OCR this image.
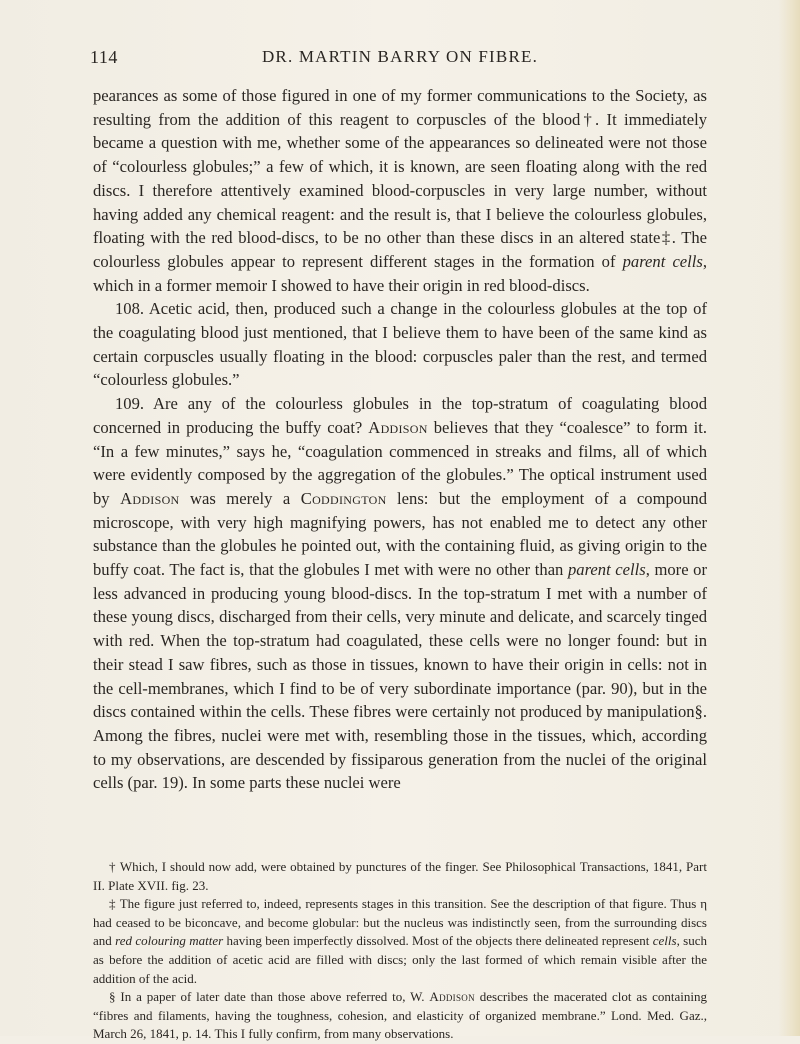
114	DR. MARTIN BARRY ON FIBRE.

pearances as some of those figured in one of my former communications to the Society, as resulting from the addition of this reagent to corpuscles of the blood†. It immediately became a question with me, whether some of the appearances so delineated were not those of “colourless globules;” a few of which, it is known, are seen floating along with the red discs. I therefore attentively examined blood-corpuscles in very large number, without having added any chemical reagent: and the result is, that I believe the colourless globules, floating with the red blood-discs, to be no other than these discs in an altered state‡. The colourless globules appear to represent different stages in the formation of parent cells, which in a former memoir I showed to have their origin in red blood-discs.

108. Acetic acid, then, produced such a change in the colourless globules at the top of the coagulating blood just mentioned, that I believe them to have been of the same kind as certain corpuscles usually floating in the blood: corpuscles paler than the rest, and termed “colourless globules.”

109. Are any of the colourless globules in the top-stratum of coagulating blood concerned in producing the buffy coat? Addison believes that they “coalesce” to form it. “In a few minutes,” says he, “coagulation commenced in streaks and films, all of which were evidently composed by the aggregation of the globules.” The optical instrument used by Addison was merely a Coddington lens: but the employment of a compound microscope, with very high magnifying powers, has not enabled me to detect any other substance than the globules he pointed out, with the containing fluid, as giving origin to the buffy coat. The fact is, that the globules I met with were no other than parent cells, more or less advanced in producing young blood-discs. In the top-stratum I met with a number of these young discs, discharged from their cells, very minute and delicate, and scarcely tinged with red. When the top-stratum had coagulated, these cells were no longer found: but in their stead I saw fibres, such as those in tissues, known to have their origin in cells: not in the cell-membranes, which I find to be of very subordinate importance (par. 90), but in the discs contained within the cells. These fibres were certainly not produced by manipulation§. Among the fibres, nuclei were met with, resembling those in the tissues, which, according to my observations, are descended by fissiparous generation from the nuclei of the original cells (par. 19). In some parts these nuclei were

† Which, I should now add, were obtained by punctures of the finger. See Philosophical Transactions, 1841, Part II. Plate XVII. fig. 23.

‡ The figure just referred to, indeed, represents stages in this transition. See the description of that figure. Thus η had ceased to be biconcave, and become globular: but the nucleus was indistinctly seen, from the surrounding discs and red colouring matter having been imperfectly dissolved. Most of the objects there delineated represent cells, such as before the addition of acetic acid are filled with discs; only the last formed of which remain visible after the addition of the acid.

§ In a paper of later date than those above referred to, W. Addison describes the macerated clot as containing “fibres and filaments, having the toughness, cohesion, and elasticity of organized membrane.” Lond. Med. Gaz., March 26, 1841, p. 14. This I fully confirm, from many observations.
